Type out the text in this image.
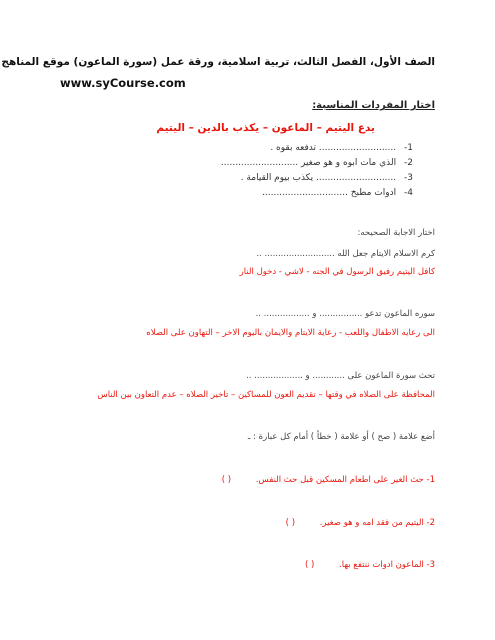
الصف الأول، الفصل الثالث، تربية اسلامية، ورقة عمل (سورة الماعون) موقع المناهج
www.syCourse.com
اختار المفردات المناسبة:
يدع اليتيم – الماعون – يكذب بالدين – اليتيم
1- ........................... تدفعه بقوه .
2- الذي مات ابوه و هو صغير ...........................
3- ............................ يكذب بيوم القيامة .
4- ادوات مطبخ ..............................
اختار الاجابة الصحيحه:
كرم الاسلام الايتام جعل الله .......................... ..
كافل اليتيم رفيق الرسول في الجنه - لاشي - دخول النار
سوره الماعون تدعو ................ و ................. ..
الى رعايه الاطفال واللعب - رعاية الايتام والايمان باليوم الاخر – التهاون على الصلاه
تحث سورة الماعون على ............ و .................. ..
المحافظة على الصلاه في وقتها – تقديم العون للمساكين – تاخير الصلاه – عدم التعاون بين الناس
أضع علامة ( صح ) أو علامة ( خطأ ) أمام كل عبارة : ـ
1- حث الغير على اطعام المسكين قبل حث النفس. ( )
2- اليتيم من فقد امه و هو صغير. ( )
3- الماعون ادوات ننتفع بها. ( )
